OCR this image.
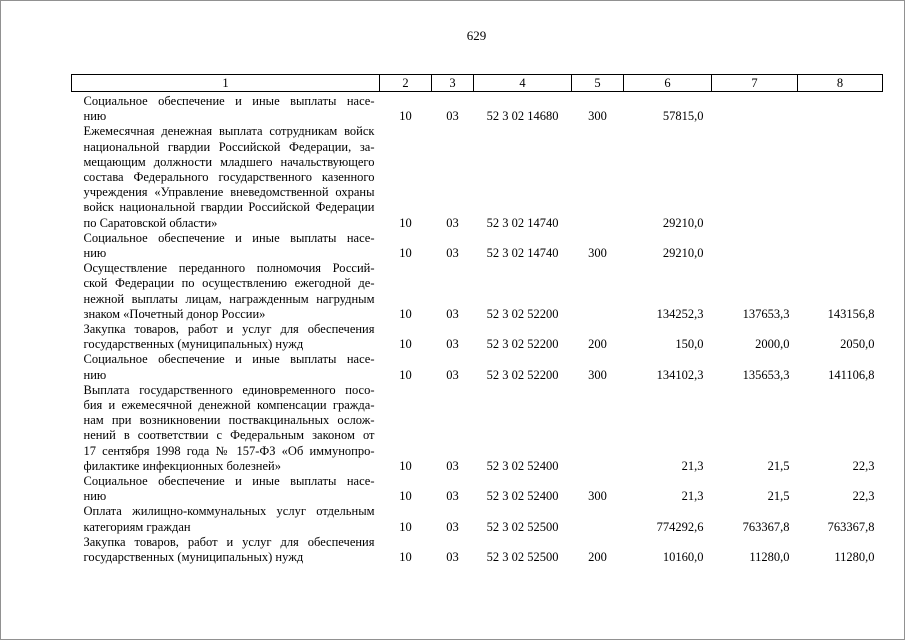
629
1	2	3	4	5	6	7	8

Социальное обеспечение и иные выплаты насе-
нию	10	03	52 3 02 14680	300	57815,0		

Ежемесячная денежная выплата сотрудникам войск
национальной гвардии Российской Федерации, за-
мещающим должности младшего начальствующего
состава Федерального государственного казенного
учреждения «Управление вневедомственной охраны
войск национальной гвардии Российской Федерации
по Саратовской области»	10	03	52 3 02 14740		29210,0		

Социальное обеспечение и иные выплаты насе-
нию	10	03	52 3 02 14740	300	29210,0		

Осуществление переданного полномочия Россий-
ской Федерации по осуществлению ежегодной де-
нежной выплаты лицам, награжденным нагрудным
знаком «Почетный донор России»	10	03	52 3 02 52200		134252,3	137653,3	143156,8

Закупка товаров, работ и услуг для обеспечения
государственных (муниципальных) нужд	10	03	52 3 02 52200	200	150,0	2000,0	2050,0

Социальное обеспечение и иные выплаты насе-
нию	10	03	52 3 02 52200	300	134102,3	135653,3	141106,8

Выплата государственного единовременного посо-
бия и ежемесячной денежной компенсации гражда-
нам при возникновении поствакцинальных ослож-
нений в соответствии с Федеральным законом от
17 сентября 1998 года № 157-ФЗ «Об иммунопро-
филактике инфекционных болезней»	10	03	52 3 02 52400		21,3	21,5	22,3

Социальное обеспечение и иные выплаты насе-
нию	10	03	52 3 02 52400	300	21,3	21,5	22,3

Оплата жилищно-коммунальных услуг отдельным
категориям граждан	10	03	52 3 02 52500		774292,6	763367,8	763367,8

Закупка товаров, работ и услуг для обеспечения
государственных (муниципальных) нужд	10	03	52 3 02 52500	200	10160,0	11280,0	11280,0
